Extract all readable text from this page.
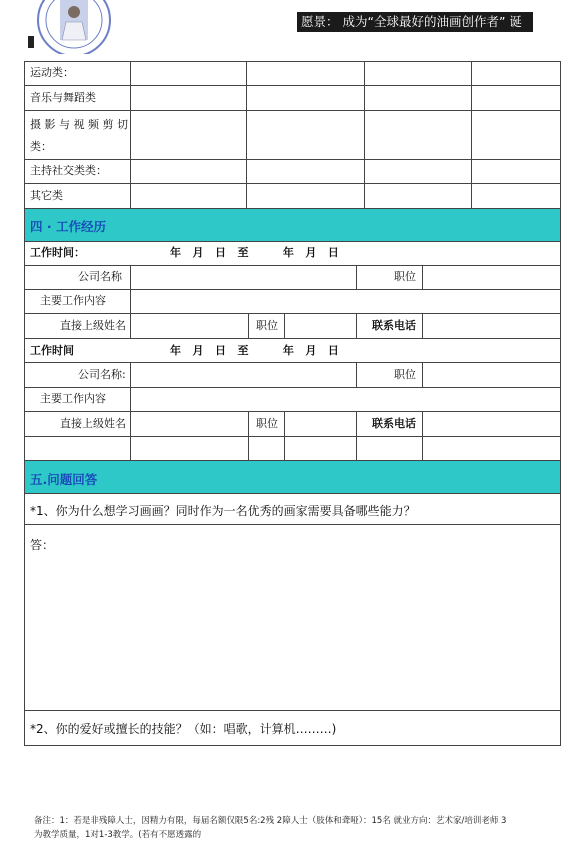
愿景： 成为“全球最好的油画创作者” 诞
运动类：
音乐与舞蹈类
摄 影 与 视 频 剪 切
类：
主持社交类类：
其它类
四 · 工作经历
工作时间：	年   月   日   至         年   月   日
公司名称	职位
主要工作内容
直接上级姓名	职位	联系电话
工作时间	年   月   日   至         年   月   日
公司名称:	职位
主要工作内容
直接上级姓名	职位	联系电话
五.问题回答
*1、你为什么想学习画画？同时作为一名优秀的画家需要具备哪些能力？
答：
*2、你的爱好或擅长的技能？（如：唱歌，计算机………)
备注：1：若是非残障人士，因精力有限，每届名额仅限5名:2残 2障人士（肢体和聋哑）：15名 就业方向：艺术家/培训老师 3
为教学质量，1对1-3教学。(若有不愿透露的
